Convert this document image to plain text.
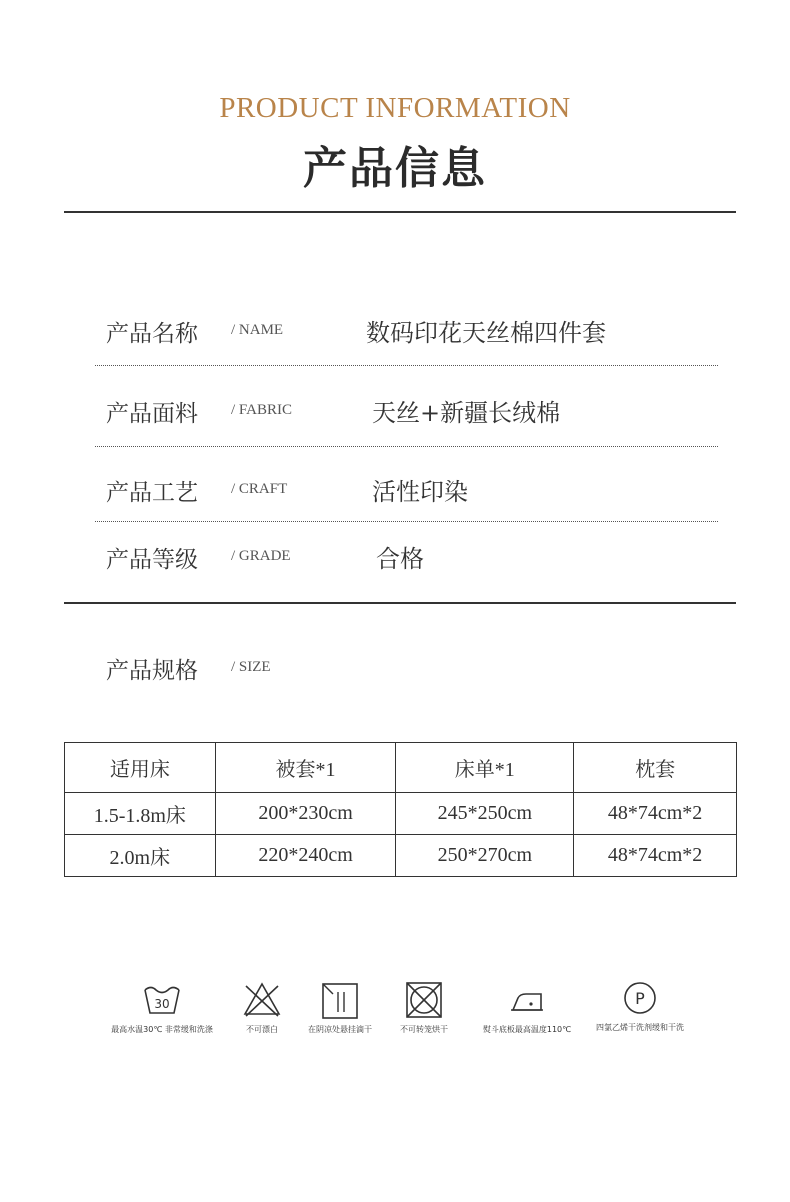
PRODUCT INFORMATION
产品信息
产品名称 / NAME	数码印花天丝棉四件套
产品面料 / FABRIC	天丝+新疆长绒棉
产品工艺 / CRAFT	活性印染
产品等级 / GRADE	合格
产品规格 / SIZE
适用床	被套*1	床单*1	枕套
1.5-1.8m床	200*230cm	245*250cm	48*74cm*2
2.0m床	220*240cm	250*270cm	48*74cm*2
30
最高水温30℃ 非常缓和洗涤	不可漂白	在阴凉处悬挂滴干	不可转笼烘干	熨斗底板最高温度110℃
P
四氯乙烯干洗剂缓和干洗
